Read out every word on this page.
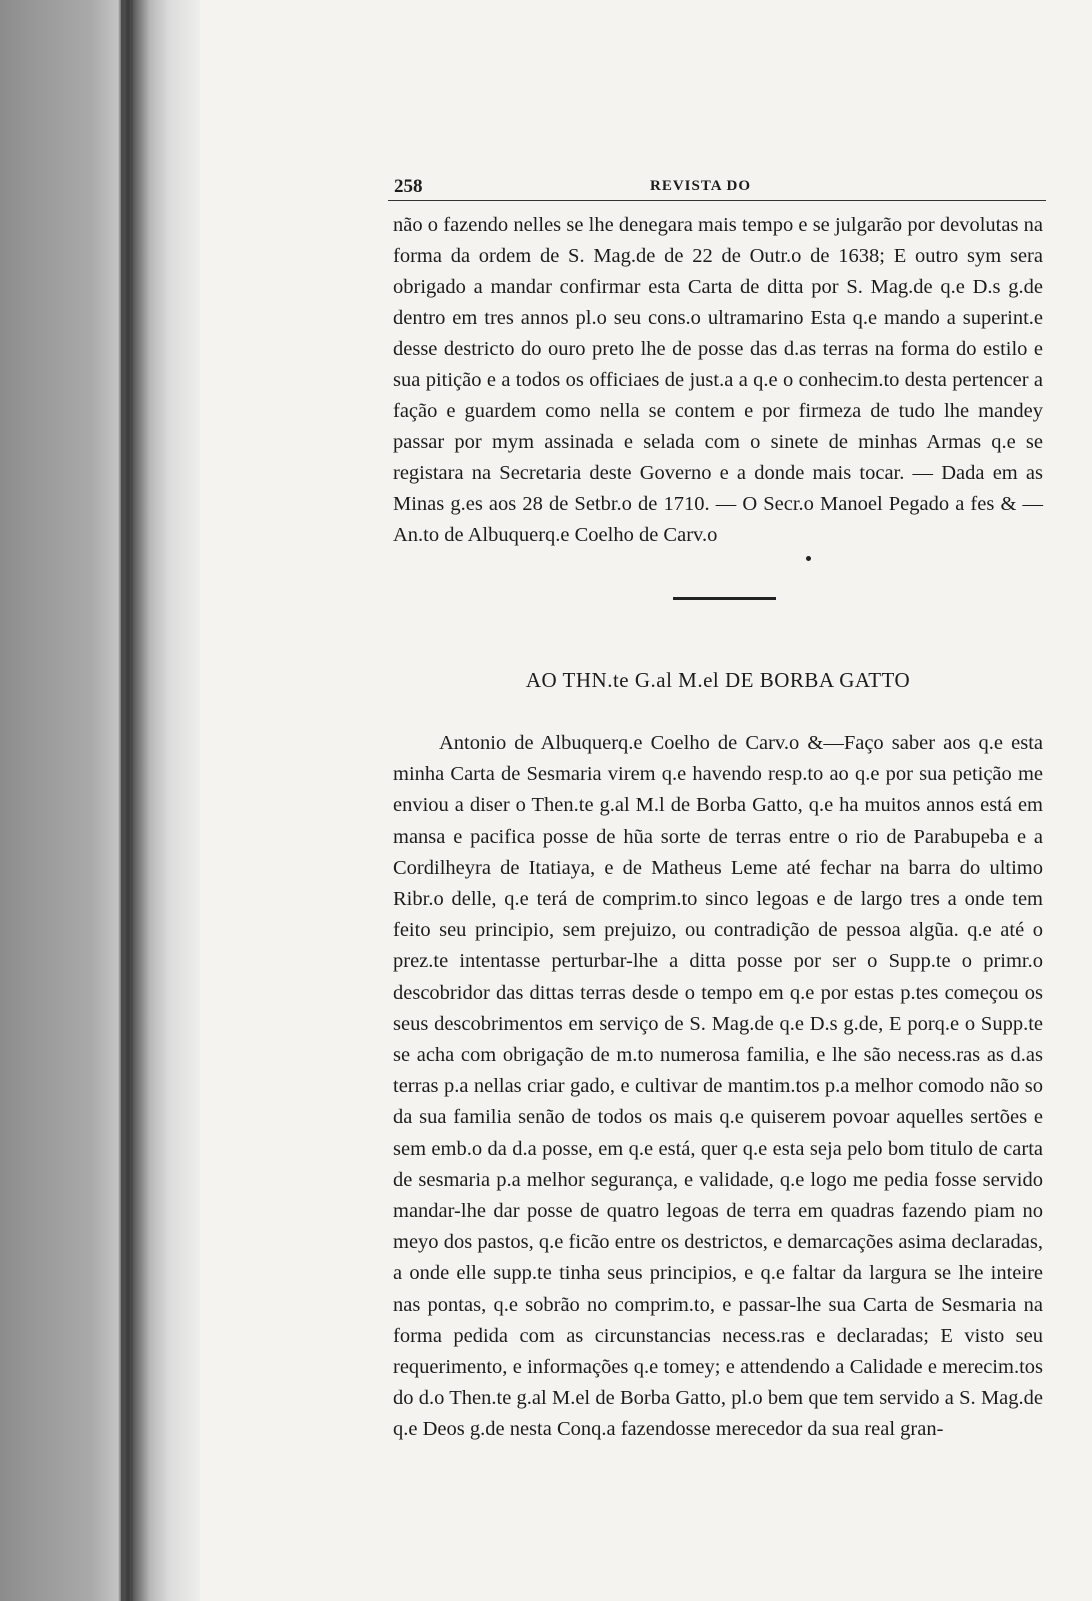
258	REVISTA DO

não o fazendo nelles se lhe denegara mais tempo e se julgarão por devolutas na forma da ordem de S. Mag.de de 22 de Outr.o de 1638; E outro sym sera obrigado a mandar confirmar esta Carta de ditta por S. Mag.de q.e D.s g.de dentro em tres annos pl.o seu cons.o ultramarino Esta q.e mando a superint.e desse destricto do ouro preto lhe de posse das d.as terras na forma do estilo e sua pitição e a todos os officiaes de just.a a q.e o conhecim.to desta pertencer a fação e guardem como nella se contem e por firmeza de tudo lhe mandey passar por mym assinada e selada com o sinete de minhas Armas q.e se registara na Secretaria deste Governo e a donde mais tocar. — Dada em as Minas g.es aos 28 de Setbr.o de 1710. — O Secr.o Manoel Pegado a fes & — An.to de Albuquerq.e Coelho de Carv.o

AO THN.te G.al M.el DE BORBA GATTO

Antonio de Albuquerq.e Coelho de Carv.o &—Faço saber aos q.e esta minha Carta de Sesmaria virem q.e havendo resp.to ao q.e por sua petição me enviou a diser o Then.te g.al M.l de Borba Gatto, q.e ha muitos annos está em mansa e pacifica posse de hũa sorte de terras entre o rio de Parabupeba e a Cordilheyra de Itatiaya, e de Matheus Leme até fechar na barra do ultimo Ribr.o delle, q.e terá de comprim.to sinco legoas e de largo tres a onde tem feito seu principio, sem prejuizo, ou contradição de pessoa algũa. q.e até o prez.te intentasse perturbar-lhe a ditta posse por ser o Supp.te o primr.o descobridor das dittas terras desde o tempo em q.e por estas p.tes começou os seus descobrimentos em serviço de S. Mag.de q.e D.s g.de, E porq.e o Supp.te se acha com obrigação de m.to numerosa familia, e lhe são necess.ras as d.as terras p.a nellas criar gado, e cultivar de mantim.tos p.a melhor comodo não so da sua familia senão de todos os mais q.e quiserem povoar aquelles sertões e sem emb.o da d.a posse, em q.e está, quer q.e esta seja pelo bom titulo de carta de sesmaria p.a melhor segurança, e validade, q.e logo me pedia fosse servido mandar-lhe dar posse de quatro legoas de terra em quadras fazendo piam no meyo dos pastos, q.e ficão entre os destrictos, e demarcações asima declaradas, a onde elle supp.te tinha seus principios, e q.e faltar da largura se lhe inteire nas pontas, q.e sobrão no comprim.to, e passar-lhe sua Carta de Sesmaria na forma pedida com as circunstancias necess.ras e declaradas; E visto seu requerimento, e informações q.e tomey; e attendendo a Calidade e merecim.tos do d.o Then.te g.al M.el de Borba Gatto, pl.o bem que tem servido a S. Mag.de q.e Deos g.de nesta Conq.a fazendosse merecedor da sua real gran-
